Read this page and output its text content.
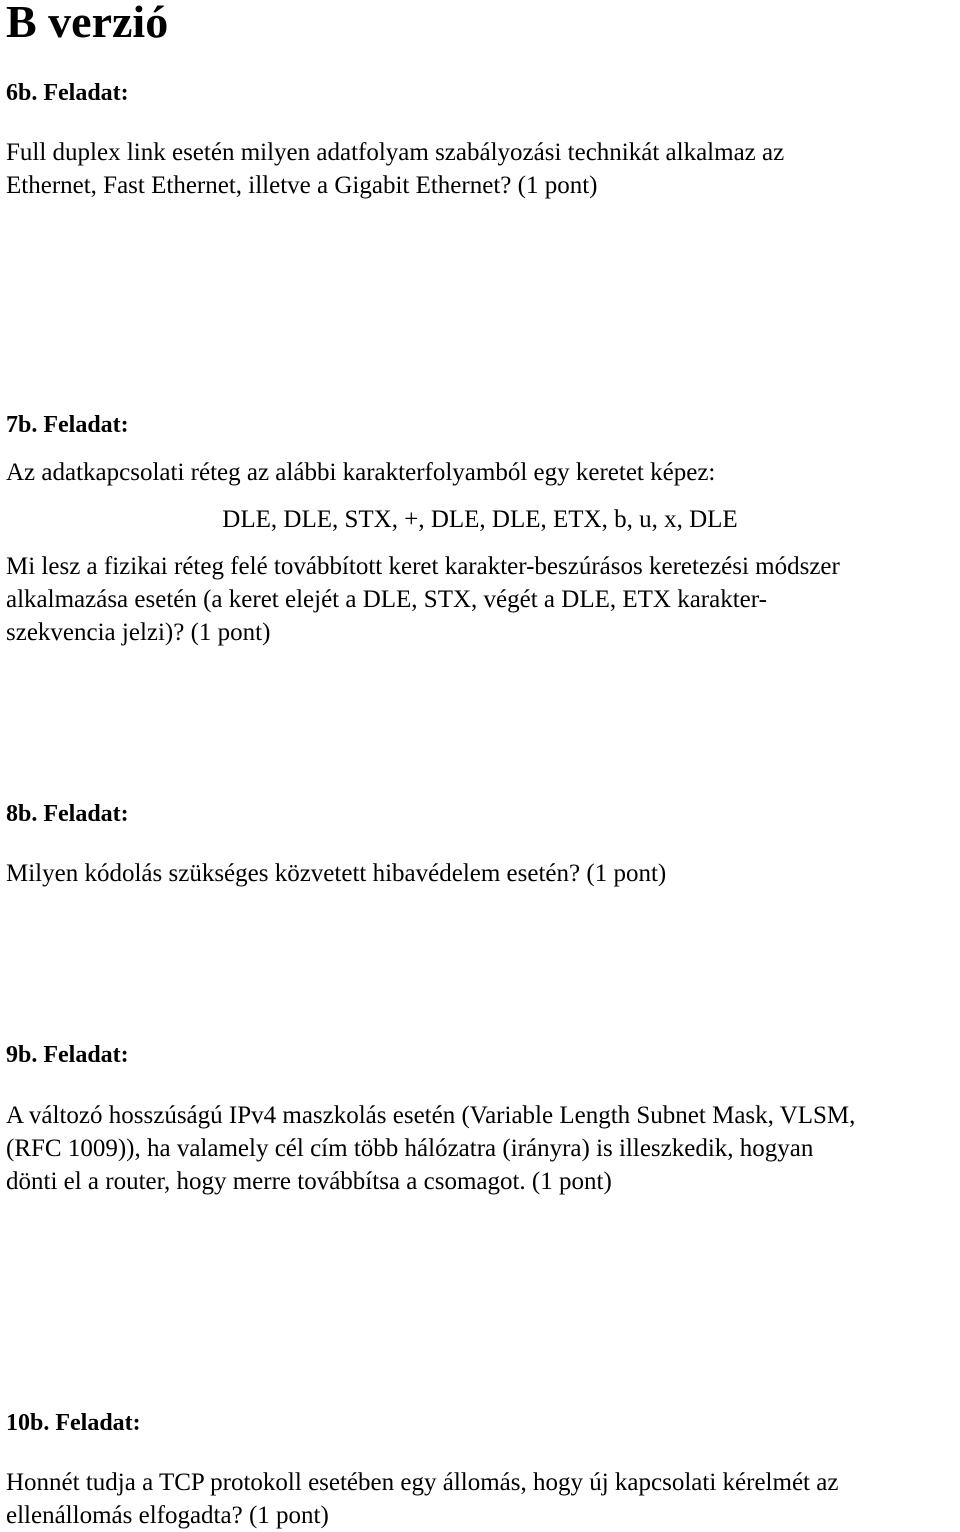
B verzió
6b. Feladat:
Full duplex link esetén milyen adatfolyam szabályozási technikát alkalmaz az
Ethernet, Fast Ethernet, illetve a Gigabit Ethernet? (1 pont)
7b. Feladat:
Az adatkapcsolati réteg az alábbi karakterfolyamból egy keretet képez:
DLE, DLE, STX, +, DLE, DLE, ETX, b, u, x, DLE
Mi lesz a fizikai réteg felé továbbított keret karakter-beszúrásos keretezési módszer
alkalmazása esetén (a keret elejét a DLE, STX, végét a DLE, ETX karakter-
szekvencia jelzi)? (1 pont)
8b. Feladat:
Milyen kódolás szükséges közvetett hibavédelem esetén? (1 pont)
9b. Feladat:
A változó hosszúságú IPv4 maszkolás esetén (Variable Length Subnet Mask, VLSM,
(RFC 1009)), ha valamely cél cím több hálózatra (irányra) is illeszkedik, hogyan
dönti el a router, hogy merre továbbítsa a csomagot. (1 pont)
10b. Feladat:
Honnét tudja a TCP protokoll esetében egy állomás, hogy új kapcsolati kérelmét az
ellenállomás elfogadta? (1 pont)
